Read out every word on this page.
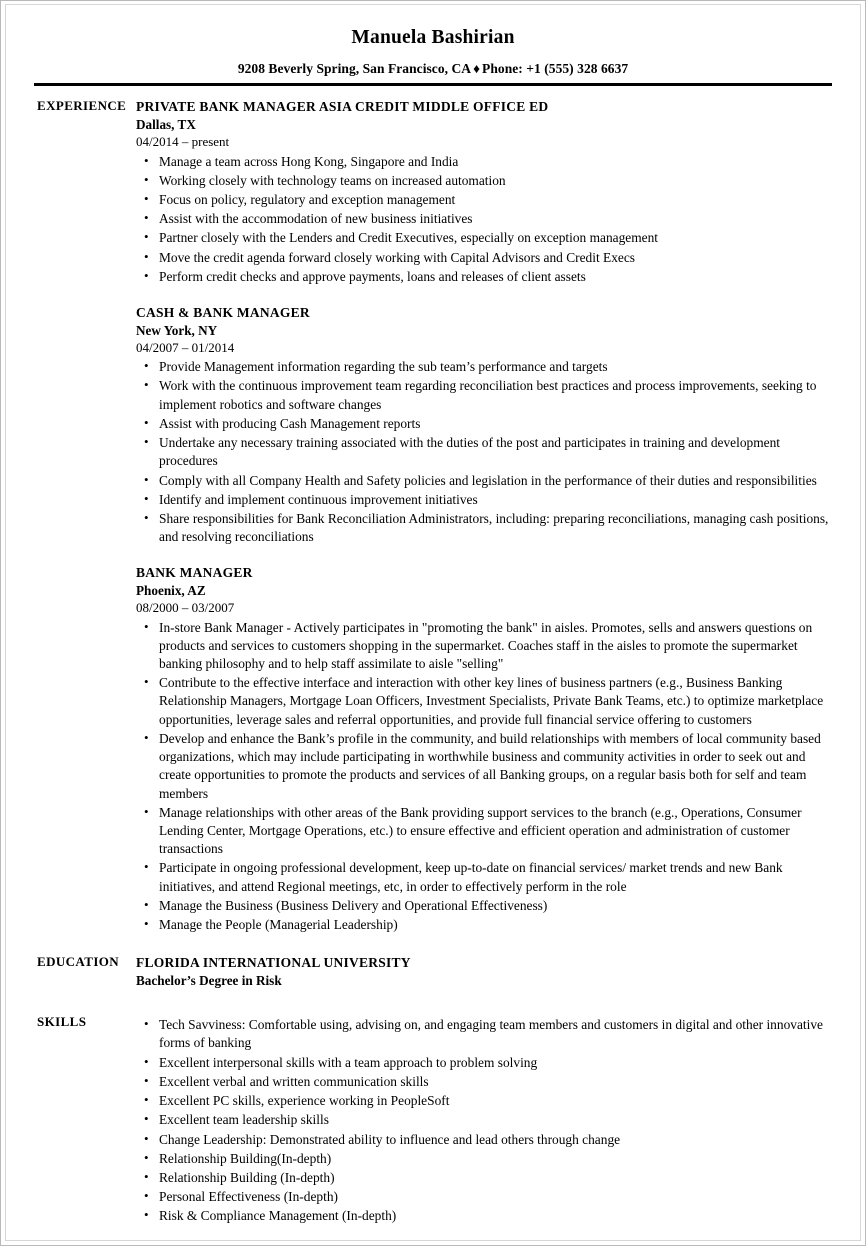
Manuela Bashirian
9208 Beverly Spring, San Francisco, CA ♦ Phone: +1 (555) 328 6637
EXPERIENCE PRIVATE BANK MANAGER ASIA CREDIT MIDDLE OFFICE ED
Dallas, TX
04/2014 – present
• Manage a team across Hong Kong, Singapore and India
• Working closely with technology teams on increased automation
• Focus on policy, regulatory and exception management
• Assist with the accommodation of new business initiatives
• Partner closely with the Lenders and Credit Executives, especially on exception management
• Move the credit agenda forward closely working with Capital Advisors and Credit Execs
• Perform credit checks and approve payments, loans and releases of client assets
CASH & BANK MANAGER
New York, NY
04/2007 – 01/2014
• Provide Management information regarding the sub team’s performance and targets
• Work with the continuous improvement team regarding reconciliation best practices and process improvements, seeking to implement robotics and software changes
• Assist with producing Cash Management reports
• Undertake any necessary training associated with the duties of the post and participates in training and development procedures
• Comply with all Company Health and Safety policies and legislation in the performance of their duties and responsibilities
• Identify and implement continuous improvement initiatives
• Share responsibilities for Bank Reconciliation Administrators, including: preparing reconciliations, managing cash positions, and resolving reconciliations
BANK MANAGER
Phoenix, AZ
08/2000 – 03/2007
• In-store Bank Manager - Actively participates in "promoting the bank" in aisles. Promotes, sells and answers questions on products and services to customers shopping in the supermarket. Coaches staff in the aisles to promote the supermarket banking philosophy and to help staff assimilate to aisle "selling"
• Contribute to the effective interface and interaction with other key lines of business partners (e.g., Business Banking Relationship Managers, Mortgage Loan Officers, Investment Specialists, Private Bank Teams, etc.) to optimize marketplace opportunities, leverage sales and referral opportunities, and provide full financial service offering to customers
• Develop and enhance the Bank’s profile in the community, and build relationships with members of local community based organizations, which may include participating in worthwhile business and community activities in order to seek out and create opportunities to promote the products and services of all Banking groups, on a regular basis both for self and team members
• Manage relationships with other areas of the Bank providing support services to the branch (e.g., Operations, Consumer Lending Center, Mortgage Operations, etc.) to ensure effective and efficient operation and administration of customer transactions
• Participate in ongoing professional development, keep up-to-date on financial services/ market trends and new Bank initiatives, and attend Regional meetings, etc, in order to effectively perform in the role
• Manage the Business (Business Delivery and Operational Effectiveness)
• Manage the People (Managerial Leadership)
EDUCATION	FLORIDA INTERNATIONAL UNIVERSITY
Bachelor’s Degree in Risk
SKILLS	• Tech Savviness: Comfortable using, advising on, and engaging team members and customers in digital and other innovative forms of banking
• Excellent interpersonal skills with a team approach to problem solving
• Excellent verbal and written communication skills
• Excellent PC skills, experience working in PeopleSoft
• Excellent team leadership skills
• Change Leadership: Demonstrated ability to influence and lead others through change
• Relationship Building(In-depth)
• Relationship Building (In-depth)
• Personal Effectiveness (In-depth)
• Risk & Compliance Management (In-depth)
